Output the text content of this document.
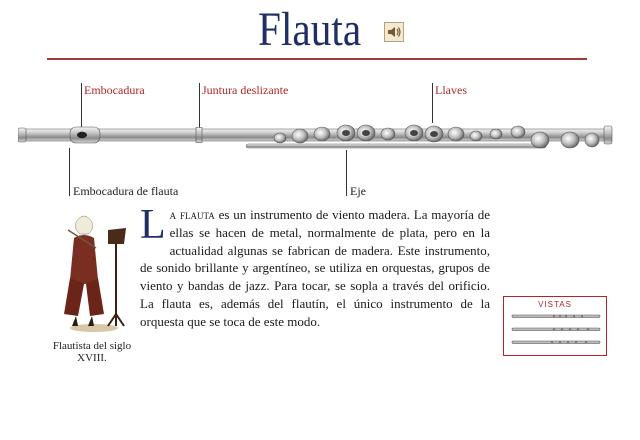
Flauta
Embocadura	Juntura deslizante	Llaves
Embocadura de flauta	Eje
Flautista del siglo XVIII.
La flauta es un instrumento de viento madera. La mayoría de ellas se hacen de metal, normalmente de plata, pero en la actualidad algunas se fabrican de madera. Este instrumento, de sonido brillante y argentíneo, se utiliza en orquestas, grupos de viento y bandas de jazz. Para tocar, se sopla a través del orificio. La flauta es, además del flautín, el único instrumento de la orquesta que se toca de este modo.
VISTAS
